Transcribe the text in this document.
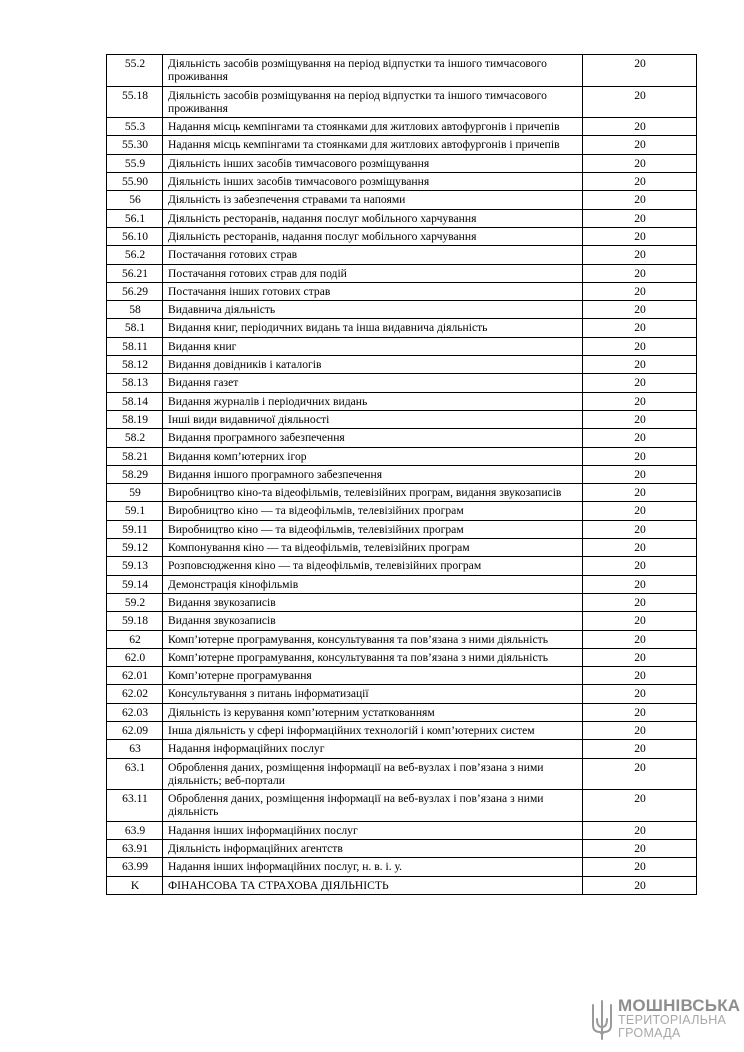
55.2	Діяльність засобів розміщування на період відпустки та іншого тимчасового проживання	20
55.18	Діяльність засобів розміщування на період відпустки та іншого тимчасового проживання	20
55.3	Надання місць кемпінгами та стоянками для житлових автофургонів і причепів	20
55.30	Надання місць кемпінгами та стоянками для житлових автофургонів і причепів	20
55.9	Діяльність інших засобів тимчасового розміщування	20
55.90	Діяльність інших засобів тимчасового розміщування	20
56	Діяльність із забезпечення стравами та напоями	20
56.1	Діяльність ресторанів, надання послуг мобільного харчування	20
56.10	Діяльність ресторанів, надання послуг мобільного харчування	20
56.2	Постачання готових страв	20
56.21	Постачання готових страв для подій	20
56.29	Постачання інших готових страв	20
58	Видавнича діяльність	20
58.1	Видання книг, періодичних видань та інша видавнича діяльність	20
58.11	Видання книг	20
58.12	Видання довідників і каталогів	20
58.13	Видання газет	20
58.14	Видання журналів і періодичних видань	20
58.19	Інші види видавничої діяльності	20
58.2	Видання програмного забезпечення	20
58.21	Видання комп’ютерних ігор	20
58.29	Видання іншого програмного забезпечення	20
59	Виробництво кіно-та відеофільмів, телевізійних програм, видання звукозаписів	20
59.1	Виробництво кіно — та відеофільмів, телевізійних програм	20
59.11	Виробництво кіно — та відеофільмів, телевізійних програм	20
59.12	Компонування кіно — та відеофільмів, телевізійних програм	20
59.13	Розповсюдження кіно — та відеофільмів, телевізійних програм	20
59.14	Демонстрація кінофільмів	20
59.2	Видання звукозаписів	20
59.18	Видання звукозаписів	20
62	Комп’ютерне програмування, консультування та пов’язана з ними діяльність	20
62.0	Комп’ютерне програмування, консультування та пов’язана з ними діяльність	20
62.01	Комп’ютерне програмування	20
62.02	Консультування з питань інформатизації	20
62.03	Діяльність із керування комп’ютерним устаткованням	20
62.09	Інша діяльність у сфері інформаційних технологій і комп’ютерних систем	20
63	Надання інформаційних послуг	20
63.1	Оброблення даних, розміщення інформації на веб-вузлах і пов’язана з ними діяльність; веб-портали	20
63.11	Оброблення даних, розміщення інформації на веб-вузлах і пов’язана з ними діяльність	20
63.9	Надання інших інформаційних послуг	20
63.91	Діяльність інформаційних агентств	20
63.99	Надання інших інформаційних послуг, н. в. і. у.	20
K	ФІНАНСОВА ТА СТРАХОВА ДІЯЛЬНІСТЬ	20
МОШНІВСЬКА
ТЕРИТОРІАЛЬНА
ГРОМАДА
